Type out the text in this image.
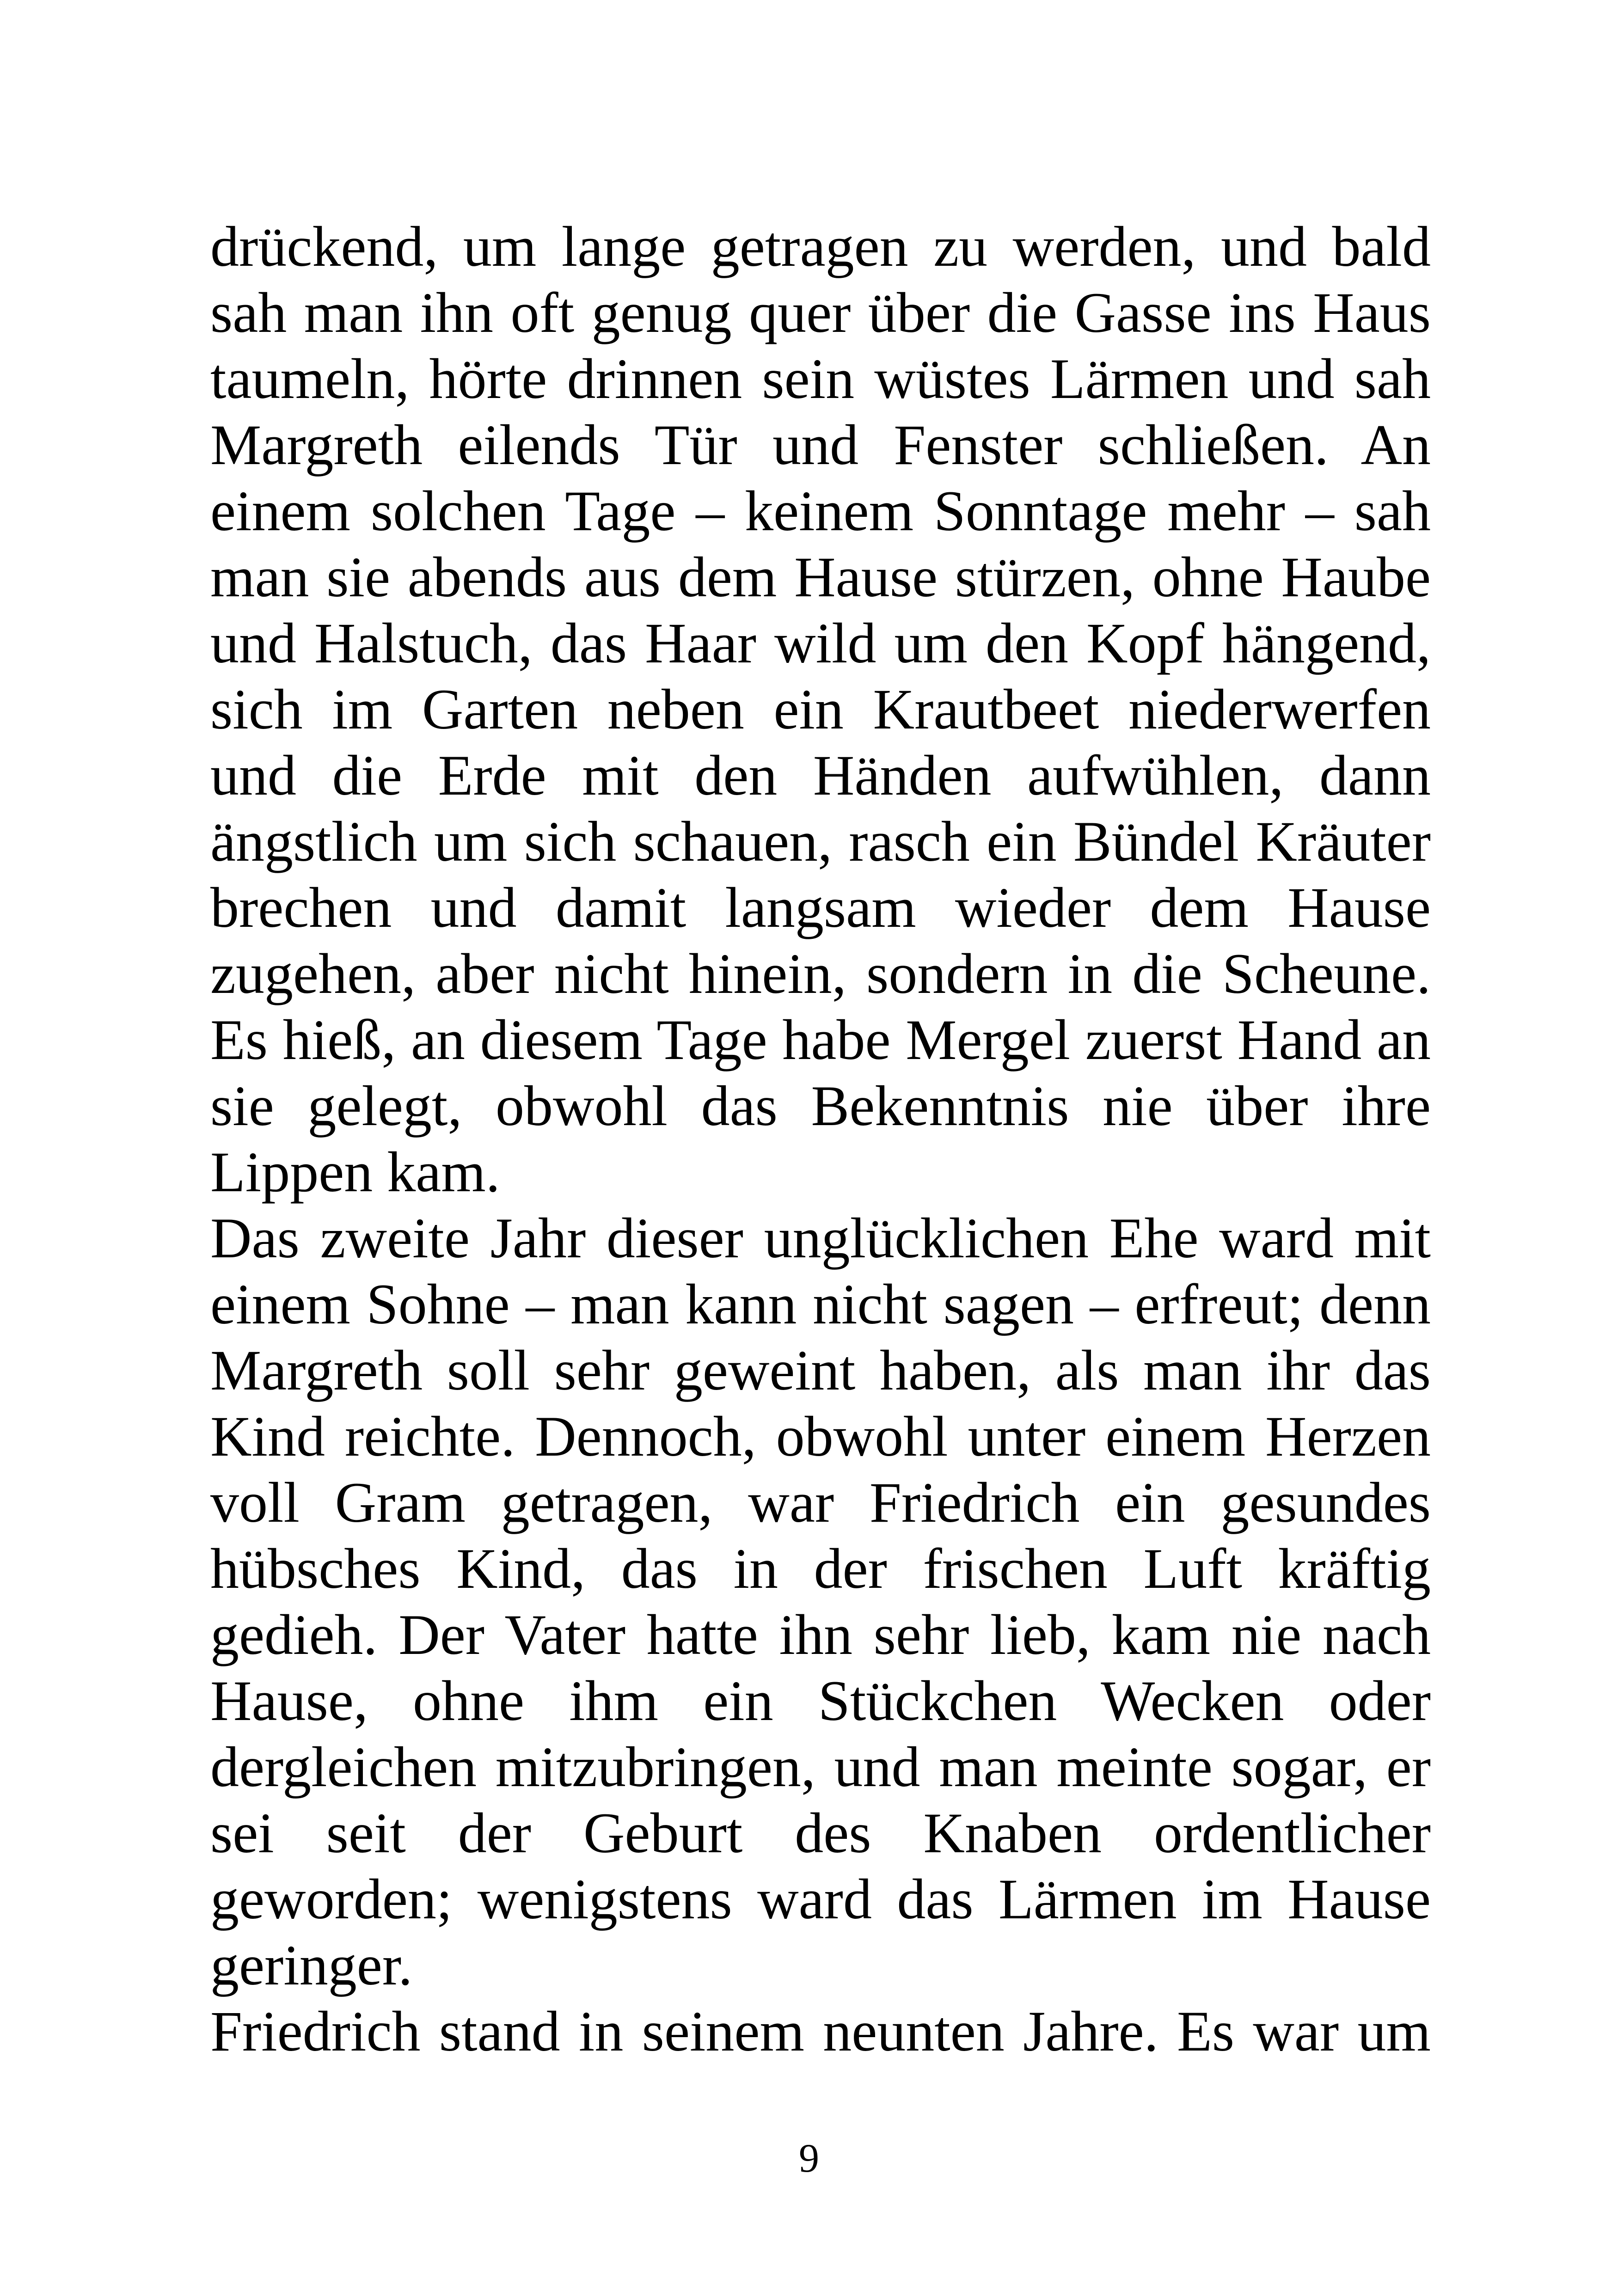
drückend, um lange getragen zu werden, und bald
sah man ihn oft genug quer über die Gasse ins Haus
taumeln, hörte drinnen sein wüstes Lärmen und sah
Margreth eilends Tür und Fenster schließen. An
einem solchen Tage – keinem Sonntage mehr – sah
man sie abends aus dem Hause stürzen, ohne Haube
und Halstuch, das Haar wild um den Kopf hängend,
sich im Garten neben ein Krautbeet niederwerfen
und die Erde mit den Händen aufwühlen, dann
ängstlich um sich schauen, rasch ein Bündel Kräuter
brechen und damit langsam wieder dem Hause
zugehen, aber nicht hinein, sondern in die Scheune.
Es hieß, an diesem Tage habe Mergel zuerst Hand an
sie gelegt, obwohl das Bekenntnis nie über ihre
Lippen kam.
Das zweite Jahr dieser unglücklichen Ehe ward mit
einem Sohne – man kann nicht sagen – erfreut; denn
Margreth soll sehr geweint haben, als man ihr das
Kind reichte. Dennoch, obwohl unter einem Herzen
voll Gram getragen, war Friedrich ein gesundes
hübsches Kind, das in der frischen Luft kräftig
gedieh. Der Vater hatte ihn sehr lieb, kam nie nach
Hause, ohne ihm ein Stückchen Wecken oder
dergleichen mitzubringen, und man meinte sogar, er
sei seit der Geburt des Knaben ordentlicher
geworden; wenigstens ward das Lärmen im Hause
geringer.
Friedrich stand in seinem neunten Jahre. Es war um
9
